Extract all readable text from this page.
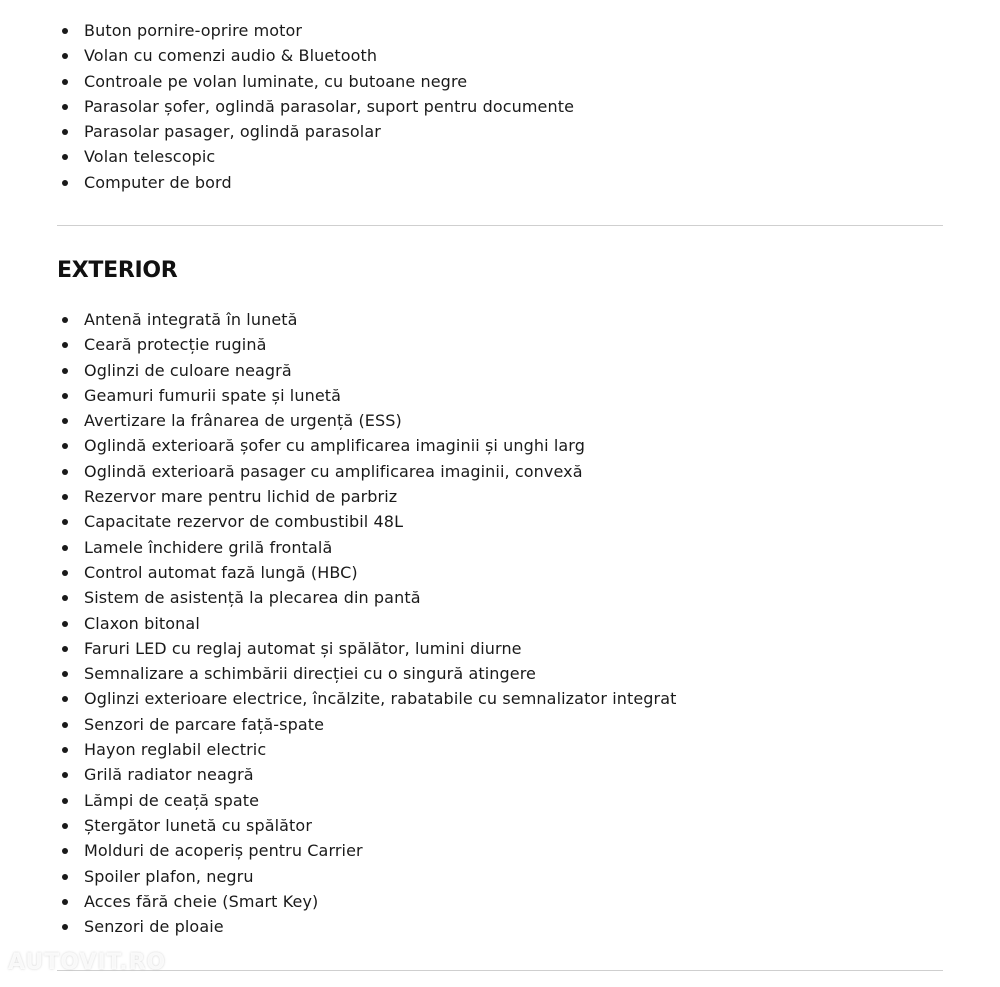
Buton pornire-oprire motor
Volan cu comenzi audio & Bluetooth
Controale pe volan luminate, cu butoane negre
Parasolar șofer, oglindă parasolar, suport pentru documente
Parasolar pasager, oglindă parasolar
Volan telescopic
Computer de bord
EXTERIOR
Antenă integrată în lunetă
Ceară protecție rugină
Oglinzi de culoare neagră
Geamuri fumurii spate și lunetă
Avertizare la frânarea de urgență (ESS)
Oglindă exterioară șofer cu amplificarea imaginii și unghi larg
Oglindă exterioară pasager cu amplificarea imaginii, convexă
Rezervor mare pentru lichid de parbriz
Capacitate rezervor de combustibil 48L
Lamele închidere grilă frontală
Control automat fază lungă (HBC)
Sistem de asistență la plecarea din pantă
Claxon bitonal
Faruri LED cu reglaj automat și spălător, lumini diurne
Semnalizare a schimbării direcției cu o singură atingere
Oglinzi exterioare electrice, încălzite, rabatabile cu semnalizator integrat
Senzori de parcare față-spate
Hayon reglabil electric
Grilă radiator neagră
Lămpi de ceață spate
Ștergător lunetă cu spălător
Molduri de acoperiș pentru Carrier
Spoiler plafon, negru
Acces fără cheie (Smart Key)
Senzori de ploaie
AUTOVIT.RO
